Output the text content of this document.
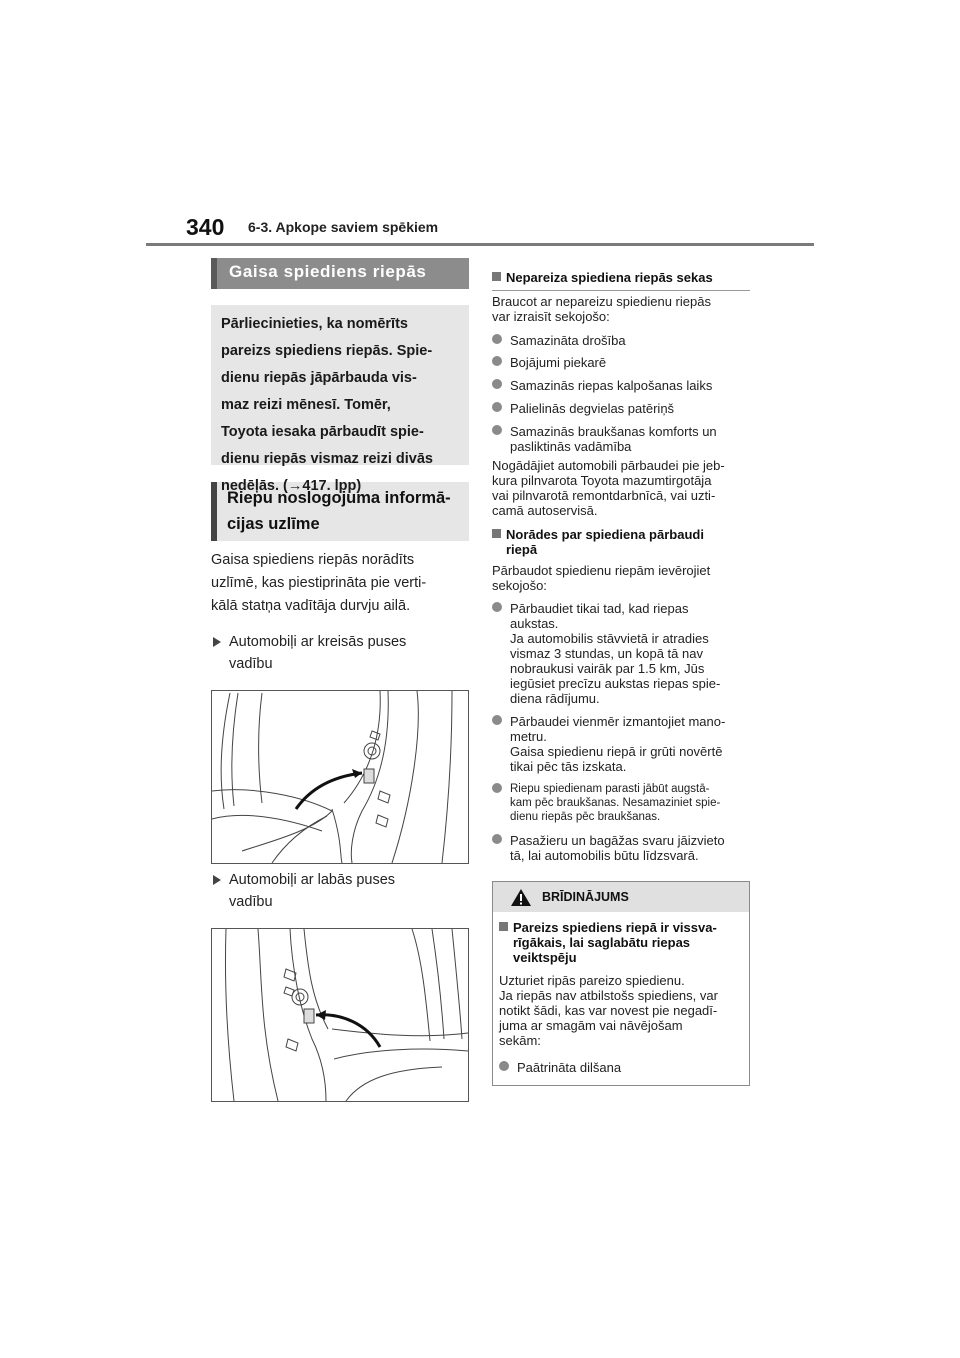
340 6-3. Apkope saviem spēkiem
Gaisa spiediens riepās
Pārliecinieties, ka nomērīts
pareizs spiediens riepās. Spie-
dienu riepās jāpārbauda vis-
maz reizi mēnesī. Tomēr,
Toyota iesaka pārbaudīt spie-
dienu riepās vismaz reizi divās
nedēļās. (→417. lpp)
Riepu noslogojuma informā-
cijas uzlīme
Gaisa spiediens riepās norādīts
uzlīmē, kas piestiprināta pie verti-
kālā statņa vadītāja durvju ailā.
Automobiļi ar kreisās puses
vadību
Automobiļi ar labās puses
vadību
Nepareiza spiediena riepās sekas
Braucot ar nepareizu spiedienu riepās
var izraisīt sekojošo:
Samazināta drošība
Bojājumi piekarē
Samazinās riepas kalpošanas laiks
Palielinās degvielas patēriņš
Samazinās braukšanas komforts un
pasliktinās vadāmība
Nogādājiet automobili pārbaudei pie jeb-
kura pilnvarota Toyota mazumtirgotāja
vai pilnvarotā remontdarbnīcā, vai uzti-
camā autoservisā.
Norādes par spiediena pārbaudi
riepā
Pārbaudot spiedienu riepām ievērojiet
sekojošo:
Pārbaudiet tikai tad, kad riepas
aukstas.
Ja automobilis stāvvietā ir atradies
vismaz 3 stundas, un kopā tā nav
nobraukusi vairāk par 1.5 km, Jūs
iegūsiet precīzu aukstas riepas spie-
diena rādījumu.
Pārbaudei vienmēr izmantojiet mano-
metru.
Gaisa spiedienu riepā ir grūti novērtē
tikai pēc tās izskata.
Riepu spiedienam parasti jābūt augstā-
kam pēc braukšanas. Nesamaziniet spie-
dienu riepās pēc braukšanas.
Pasažieru un bagāžas svaru jāizvieto
tā, lai automobilis būtu līdzsvarā.
BRĪDINĀJUMS
Pareizs spiediens riepā ir vissva-
rīgākais, lai saglabātu riepas
veiktspēju
Uzturiet ripās pareizo spiedienu.
Ja riepās nav atbilstošs spiediens, var
notikt šādi, kas var novest pie negadī-
juma ar smagām vai nāvējošam
sekām:
Paātrināta dilšana
